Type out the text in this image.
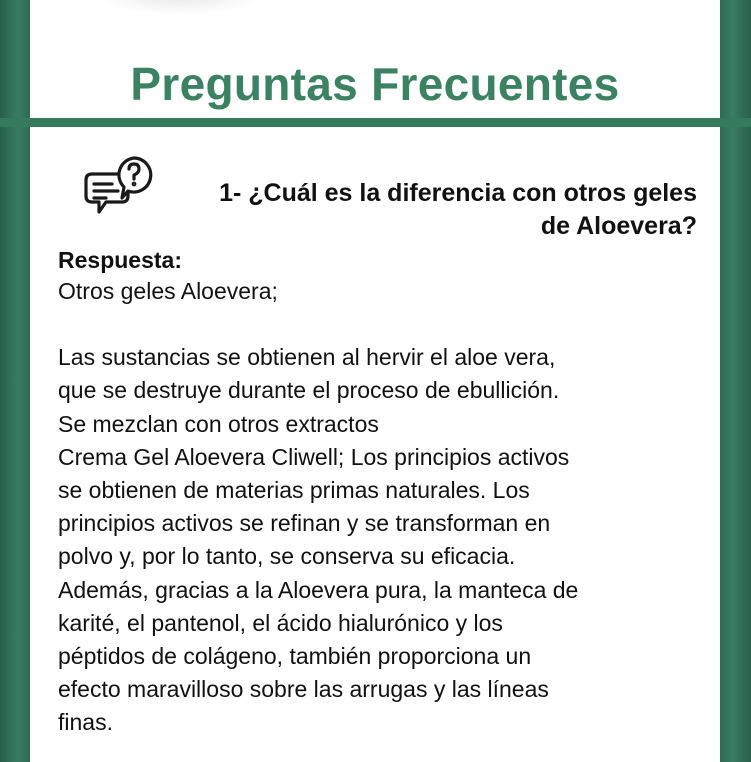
Preguntas Frecuentes
1- ¿Cuál es la diferencia con otros geles de Aloevera?
Respuesta:

Otros geles Aloevera;

Las sustancias se obtienen al hervir el aloe vera,

que se destruye durante el proceso de ebullición.

Se mezclan con otros extractos

Crema Gel Aloevera Cliwell; Los principios activos

se obtienen de materias primas naturales. Los

principios activos se refinan y se transforman en

polvo y, por lo tanto, se conserva su eficacia.

Además, gracias a la Aloevera pura, la manteca de

karité, el pantenol, el ácido hialurónico y los

péptidos de colágeno, también proporciona un

efecto maravilloso sobre las arrugas y las líneas

finas.
